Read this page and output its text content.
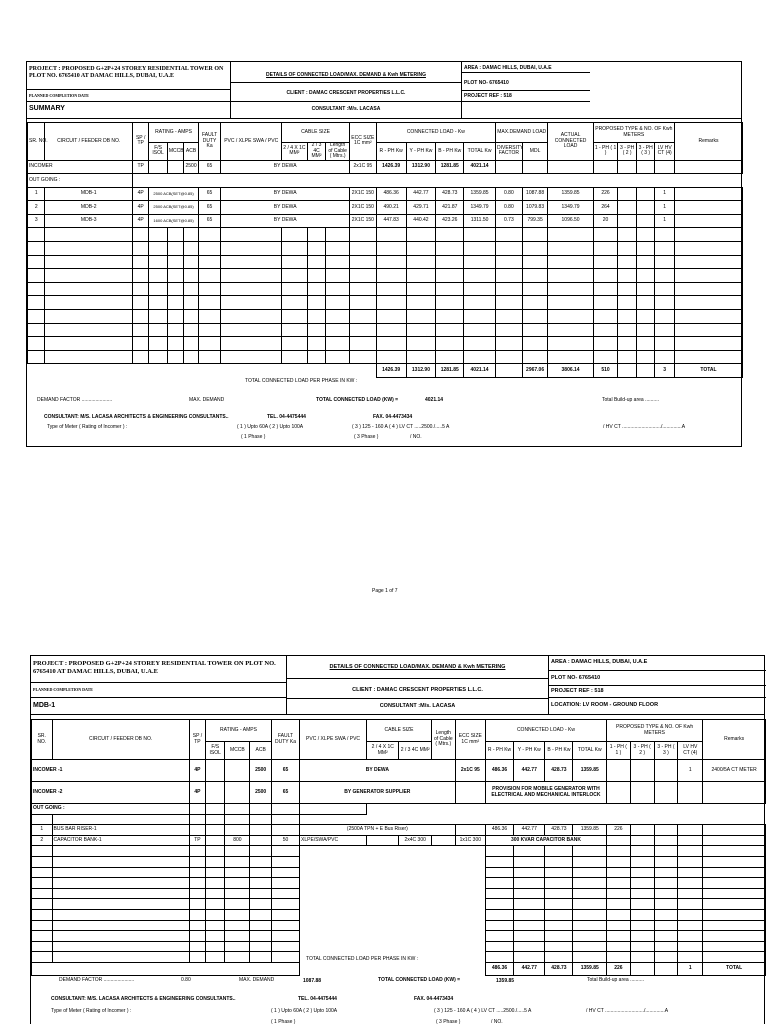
PROJECT : PROPOSED G+2P+24 STOREY RESIDENTIAL TOWER ON PLOT NO. 6765410 AT DAMAC HILLS, DUBAI, U.A.E
PLANNED COMPLETION DATE
SUMMARY
DETAILS OF CONNECTED LOAD/MAX. DEMAND & Kwh METERING
CLIENT : DAMAC CRESCENT PROPERTIES L.L.C.
CONSULTANT :M/s. LACASA
AREA : DAMAC HILLS, DUBAI, U.A.E
PLOT NO- 6765410
PROJECT REF : 518
SR. NO.	CIRCUIT / FEEDER DB NO.	SP / TP	RATING - AMPS			FAULT DUTY Ka	PVC / XLPE SWA / PVC	CABLE SIZE			ECC SIZE 1C mm²	CONNECTED LOAD - Kw				MAX.DEMAND LOAD		ACTUAL CONNECTED LOAD	PROPOSED TYPE & NO. OF Kwh METERS				Remarks

			F/S ISOL	MCCB	ACB			2 / 4 X 1C MM²	2 / 3 4C MM²	Length of Cable ( Mtrs.)		R - PH Kw	Y - PH Kw	B - PH Kw	TOTAL Kw	DIVERSITY FACTOR	MDL		1 - PH ( 1 )	3 - PH ( 2 )	3 - PH ( 3 )	LV HV CT (4)	
INCOMER		TP			2500	65	BY DEWA				2x1C 95	1426.39	1312.90	1281.85	4021.14								
OUT GOING :																							
1	MDB-1	4P	2500 ACB(SET@0.85)			65	BY DEWA				2X1C 150	486.36	442.77	428.73	1359.85	0.80	1087.88	1359.85	226			1	
2	MDB-2	4P	2500 ACB(SET@0.85)			65	BY DEWA				2X1C 150	490.21	429.71	421.87	1349.79	0.80	1079.83	1349.79	264			1	
3	MDB-3	4P	1600 ACB(SET@0.85)			65	BY DEWA				2X1C 150	447.83	440.42	423.26	1311.50	0.73	799.35	1096.50	20			1	

												1426.39	1312.90	1281.85	4021.14		2967.06	3806.14	510			3	TOTAL
TOTAL CONNECTED LOAD PER PHASE IN KW :
DEMAND FACTOR ......................	MAX. DEMAND	TOTAL CONNECTED LOAD (KW) =	4021.14	Total Build-up area ..........
CONSULTANT: M/S. LACASA ARCHITECTS & ENGINEERING CONSULTANTS..	TEL. 04-4475444	FAX. 04-4473434
Type of Meter ( Rating of Incomer ) :	( 1 ) Upto 60A ( 2 ) Upto 100A	( 3 ) 125 - 160 A ( 4 ) LV CT .....2500./.....5 A	/ HV CT ............................/..............A
( 1 Phase )	( 3 Phase )	/ NO.
Page 1 of 7
PROJECT : PROPOSED G+2P+24 STOREY RESIDENTIAL TOWER ON PLOT NO. 6765410 AT DAMAC HILLS, DUBAI, U.A.E
PLANNED COMPLETION DATE
MDB-1
DETAILS OF CONNECTED LOAD/MAX. DEMAND & Kwh METERING
CLIENT : DAMAC CRESCENT PROPERTIES L.L.C.
CONSULTANT :M/s. LACASA
AREA : DAMAC HILLS, DUBAI, U.A.E
PLOT NO- 6765410
PROJECT REF : 518
LOCATION: LV ROOM - GROUND FLOOR
SR. NO.	CIRCUIT / FEEDER DB NO.	SP / TP	RATING - AMPS			FAULT DUTY Ka	PVC / XLPE SWA / PVC	CABLE SIZE		Length of Cable ( Mtrs.)	ECC SIZE 1C mm²	CONNECTED LOAD - Kw				PROPOSED TYPE & NO. OF Kwh METERS				Remarks

			F/S ISOL	MCCB	ACB			2 / 4 X 1C MM²	2 / 3 4C MM²			R - PH Kw	Y - PH Kw	B - PH Kw	TOTAL Kw	1 - PH ( 1 )	3 - PH ( 2 )	3 - PH ( 3 )	LV HV CT (4)	
INCOMER -1		4P			2500	65	BY DEWA				2x1C 95	486.36	442.77	428.73	1359.85				1	2400/5A CT METER
INCOMER -2		4P			2500	65	BY GENERATOR SUPPLIER					PROVISION FOR MOBILE GENERATOR WITH ELECTRICAL AND MECHANICAL INTERLOCK								
OUT GOING :																				

1	BUS BAR RISER-1						(2500A TPN + E Bus Riser)					486.36	442.77	428.73	1359.85	226				
2	CAPACITOR BANK-1	TP		800		50	XLPE/SWA/PVC		2x4C 300		1x1C 300	300 KVAR CAPACITOR BANK								

												486.36	442.77	428.73	1359.85	226			1	TOTAL
TOTAL CONNECTED LOAD PER PHASE IN KW :
DEMAND FACTOR ......................	0.80	MAX. DEMAND	1087.88	TOTAL CONNECTED LOAD (KW) =	1359.85	Total Build-up area ..........
CONSULTANT: M/S. LACASA ARCHITECTS & ENGINEERING CONSULTANTS..	TEL. 04-4475444	FAX. 04-4473434
Type of Meter ( Rating of Incomer ) :	( 1 ) Upto 60A ( 2 ) Upto 100A	( 3 ) 125 - 160 A ( 4 ) LV CT .....2500./.....5 A	/ HV CT ............................/..............A
( 1 Phase )	( 3 Phase )	/ NO.
